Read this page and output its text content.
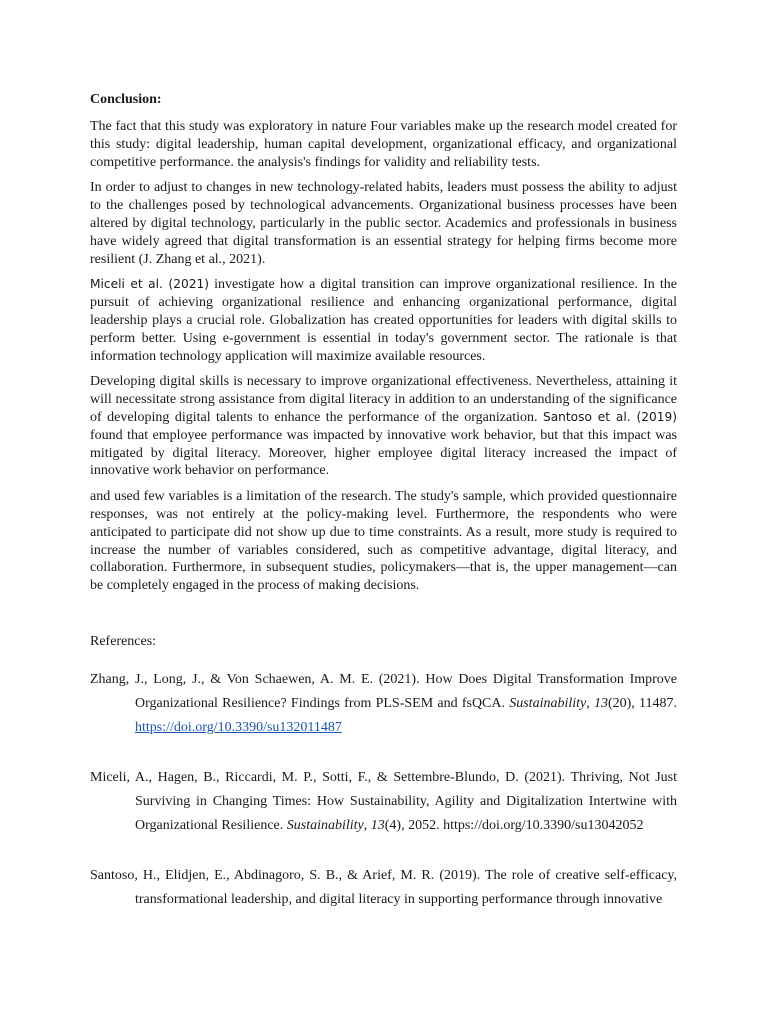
Conclusion:

The fact that this study was exploratory in nature Four variables make up the research model created for this study: digital leadership, human capital development, organizational efficacy, and organizational competitive performance. the analysis's findings for validity and reliability tests.

In order to adjust to changes in new technology-related habits, leaders must possess the ability to adjust to the challenges posed by technological advancements. Organizational business processes have been altered by digital technology, particularly in the public sector. Academics and professionals in business have widely agreed that digital transformation is an essential strategy for helping firms become more resilient (J. Zhang et al., 2021).

Miceli et al. (2021) investigate how a digital transition can improve organizational resilience. In the pursuit of achieving organizational resilience and enhancing organizational performance, digital leadership plays a crucial role. Globalization has created opportunities for leaders with digital skills to perform better. Using e-government is essential in today's government sector. The rationale is that information technology application will maximize available resources.

Developing digital skills is necessary to improve organizational effectiveness. Nevertheless, attaining it will necessitate strong assistance from digital literacy in addition to an understanding of the significance of developing digital talents to enhance the performance of the organization. Santoso et al. (2019) found that employee performance was impacted by innovative work behavior, but that this impact was mitigated by digital literacy. Moreover, higher employee digital literacy increased the impact of innovative work behavior on performance.

and used few variables is a limitation of the research. The study's sample, which provided questionnaire responses, was not entirely at the policy-making level. Furthermore, the respondents who were anticipated to participate did not show up due to time constraints. As a result, more study is required to increase the number of variables considered, such as competitive advantage, digital literacy, and collaboration. Furthermore, in subsequent studies, policymakers—that is, the upper management—can be completely engaged in the process of making decisions.

References:

Zhang, J., Long, J., & Von Schaewen, A. M. E. (2021). How Does Digital Transformation Improve Organizational Resilience? Findings from PLS-SEM and fsQCA. Sustainability, 13(20), 11487. https://doi.org/10.3390/su132011487

Miceli, A., Hagen, B., Riccardi, M. P., Sotti, F., & Settembre-Blundo, D. (2021). Thriving, Not Just Surviving in Changing Times: How Sustainability, Agility and Digitalization Intertwine with Organizational Resilience. Sustainability, 13(4), 2052. https://doi.org/10.3390/su13042052

Santoso, H., Elidjen, E., Abdinagoro, S. B., & Arief, M. R. (2019). The role of creative self-efficacy, transformational leadership, and digital literacy in supporting performance through innovative
